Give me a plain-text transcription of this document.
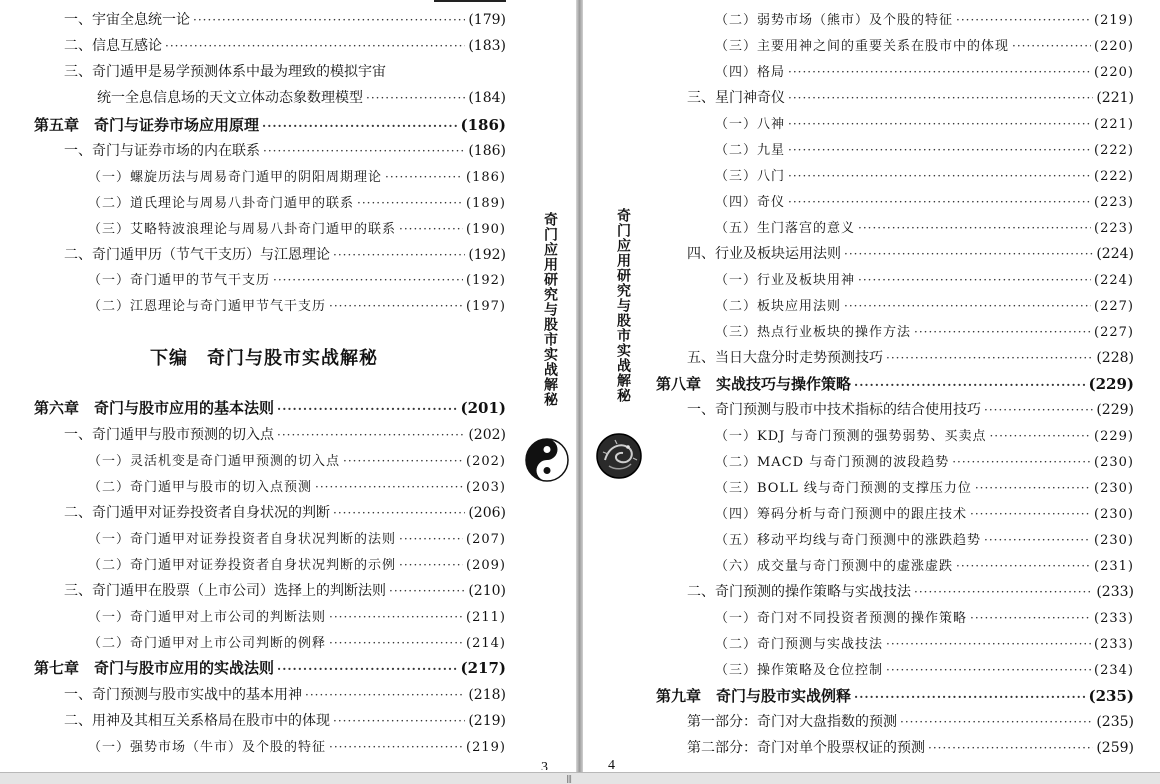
一、宇宙全息统一论 ·····	(179)
二、信息互感论 ·····	(183)
三、奇门遁甲是易学预测体系中最为理致的模拟宇宙
统一全息信息场的天文立体动态象数理模型 ·····	(184)
第五章　奇门与证券市场应用原理 ·····	(186)
一、奇门与证券市场的内在联系 ·····	(186)
（一）螺旋历法与周易奇门遁甲的阴阳周期理论 ·····	(186)
（二）道氏理论与周易八卦奇门遁甲的联系 ·····	(189)
（三）艾略特波浪理论与周易八卦奇门遁甲的联系 ·····	(190)
二、奇门遁甲历（节气干支历）与江恩理论 ·····	(192)
（一）奇门遁甲的节气干支历 ·····	(192)
（二）江恩理论与奇门遁甲节气干支历 ·····	(197)
第六章　奇门与股市应用的基本法则 ·····	(201)
一、奇门遁甲与股市预测的切入点 ·····	(202)
（一）灵活机变是奇门遁甲预测的切入点 ·····	(202)
（二）奇门遁甲与股市的切入点预测 ·····	(203)
二、奇门遁甲对证券投资者自身状况的判断 ·····	(206)
（一）奇门遁甲对证券投资者自身状况判断的法则 ·····	(207)
（二）奇门遁甲对证券投资者自身状况判断的示例 ·····	(209)
三、奇门遁甲在股票（上市公司）选择上的判断法则 ·····	(210)
（一）奇门遁甲对上市公司的判断法则 ·····	(211)
（二）奇门遁甲对上市公司判断的例释 ·····	(214)
第七章　奇门与股市应用的实战法则 ·····	(217)
一、奇门预测与股市实战中的基本用神 ·····	(218)
二、用神及其相互关系格局在股市中的体现 ·····	(219)
（一）强势市场（牛市）及个股的特征 ·····	(219)
下编　奇门与股市实战解秘	奇门应用研究与股市实战解秘
3
（二）弱势市场（熊市）及个股的特征 ·····	(219)
（三）主要用神之间的重要关系在股市中的体现 ·····	(220)
（四）格局 ·····	(220)
三、星门神奇仪 ·····	(221)
（一）八神 ·····	(221)
（二）九星 ·····	(222)
（三）八门 ·····	(222)
（四）奇仪 ·····	(223)
（五）生门落宫的意义 ·····	(223)
四、行业及板块运用法则 ·····	(224)
（一）行业及板块用神 ·····	(224)
（二）板块应用法则 ·····	(227)
（三）热点行业板块的操作方法 ·····	(227)
五、当日大盘分时走势预测技巧 ·····	(228)
第八章　实战技巧与操作策略 ·····	(229)
一、奇门预测与股市中技术指标的结合使用技巧 ·····	(229)
（一）KDJ 与奇门预测的强势弱势、买卖点 ·····	(229)
（二）MACD 与奇门预测的波段趋势 ·····	(230)
（三）BOLL 线与奇门预测的支撑压力位 ·····	(230)
（四）筹码分析与奇门预测中的跟庄技术 ·····	(230)
（五）移动平均线与奇门预测中的涨跌趋势 ·····	(230)
（六）成交量与奇门预测中的虚涨虚跌 ·····	(231)
二、奇门预测的操作策略与实战技法 ·····	(233)
（一）奇门对不同投资者预测的操作策略 ·····	(233)
（二）奇门预测与实战技法 ·····	(233)
（三）操作策略及仓位控制 ·····	(234)
第九章　奇门与股市实战例释 ·····	(235)
第一部分：奇门对大盘指数的预测 ·····	(235)
第二部分：奇门对单个股票权证的预测 ·····	(259)
奇门应用研究与股市实战解秘
4
|||
